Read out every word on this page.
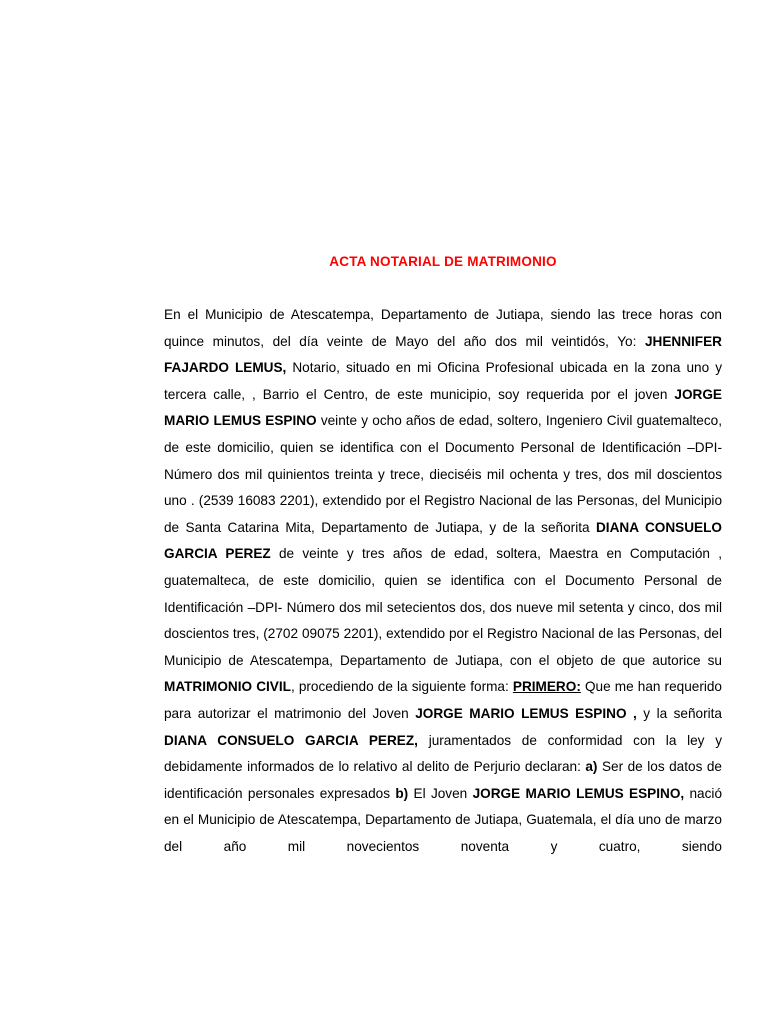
ACTA NOTARIAL DE MATRIMONIO

En el Municipio de Atescatempa, Departamento de Jutiapa, siendo las trece horas con quince minutos, del día veinte de Mayo del año dos mil veintidós, Yo: JHENNIFER FAJARDO LEMUS, Notario, situado en mi Oficina Profesional ubicada en la zona uno y tercera calle, , Barrio el Centro, de este municipio, soy requerida por el joven JORGE MARIO LEMUS ESPINO veinte y ocho años de edad, soltero, Ingeniero Civil guatemalteco, de este domicilio, quien se identifica con el Documento Personal de Identificación –DPI- Número dos mil quinientos treinta y trece, dieciséis mil ochenta y tres, dos mil doscientos uno . (2539 16083 2201), extendido por el Registro Nacional de las Personas, del Municipio de Santa Catarina Mita, Departamento de Jutiapa, y de la señorita DIANA CONSUELO GARCIA PEREZ de veinte y tres años de edad, soltera, Maestra en Computación , guatemalteca, de este domicilio, quien se identifica con el Documento Personal de Identificación –DPI- Número dos mil setecientos dos, dos nueve mil setenta y cinco, dos mil doscientos tres, (2702 09075 2201), extendido por el Registro Nacional de las Personas, del Municipio de Atescatempa, Departamento de Jutiapa, con el objeto de que autorice su MATRIMONIO CIVIL, procediendo de la siguiente forma: PRIMERO: Que me han requerido para autorizar el matrimonio del Joven JORGE MARIO LEMUS ESPINO , y la señorita DIANA CONSUELO GARCIA PEREZ, juramentados de conformidad con la ley y debidamente informados de lo relativo al delito de Perjurio declaran: a) Ser de los datos de identificación personales expresados b) El Joven JORGE MARIO LEMUS ESPINO, nació en el Municipio de Atescatempa, Departamento de Jutiapa, Guatemala, el día uno de marzo del año mil novecientos noventa y cuatro, siendo
